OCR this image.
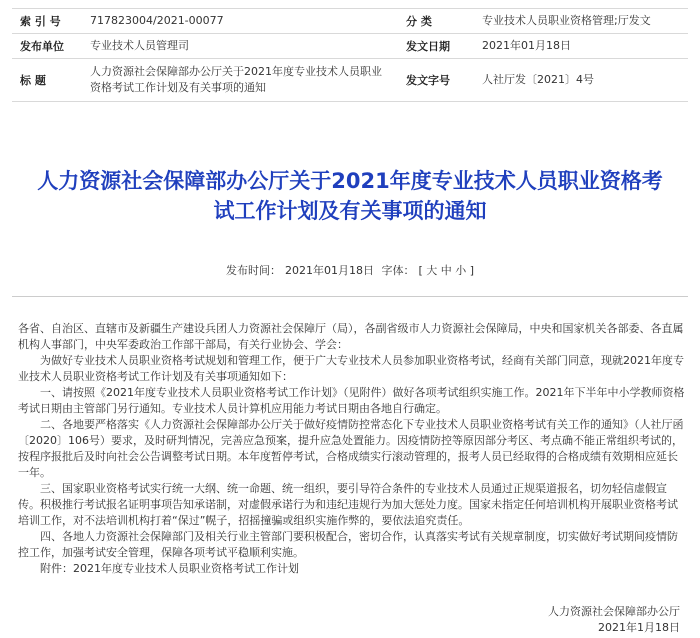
索 引 号	717823004/2021-00077	分 类	专业技术人员职业资格管理;厅发文
发布单位	专业技术人员管理司	发文日期	2021年01月18日
标 题	人力资源社会保障部办公厅关于2021年度专业技术人员职业资格考试工作计划及有关事项的通知	发文字号	人社厅发〔2021〕4号
人力资源社会保障部办公厅关于2021年度专业技术人员职业资格考试工作计划及有关事项的通知
发布时间： 2021年01月18日 字体： [ 大 中 小 ]

各省、自治区、直辖市及新疆生产建设兵团人力资源社会保障厅（局），各副省级市人力资源社会保障局，中央和国家机关各部委、各直属机构人事部门，中央军委政治工作部干部局，有关行业协会、学会：

为做好专业技术人员职业资格考试规划和管理工作，便于广大专业技术人员参加职业资格考试，经商有关部门同意，现就2021年度专业技术人员职业资格考试工作计划及有关事项通知如下：

一、请按照《2021年度专业技术人员职业资格考试工作计划》（见附件）做好各项考试组织实施工作。2021年下半年中小学教师资格考试日期由主管部门另行通知。专业技术人员计算机应用能力考试日期由各地自行确定。

二、各地要严格落实《人力资源社会保障部办公厅关于做好疫情防控常态化下专业技术人员职业资格考试有关工作的通知》（人社厅函〔2020〕106号）要求，及时研判情况，完善应急预案，提升应急处置能力。因疫情防控等原因部分考区、考点确不能正常组织考试的，按程序报批后及时向社会公告调整考试日期。本年度暂停考试，合格成绩实行滚动管理的，报考人员已经取得的合格成绩有效期相应延长一年。

三、国家职业资格考试实行统一大纲、统一命题、统一组织，要引导符合条件的专业技术人员通过正规渠道报名，切勿轻信虚假宣传。积极推行考试报名证明事项告知承诺制，对虚假承诺行为和违纪违规行为加大惩处力度。国家未指定任何培训机构开展职业资格考试培训工作，对不法培训机构打着“保过”幌子，招摇撞骗或组织实施作弊的，要依法追究责任。

四、各地人力资源社会保障部门及相关行业主管部门要积极配合，密切合作，认真落实考试有关规章制度，切实做好考试期间疫情防控工作，加强考试安全管理，保障各项考试平稳顺利实施。

附件：2021年度专业技术人员职业资格考试工作计划

人力资源社会保障部办公厅
2021年1月18日
